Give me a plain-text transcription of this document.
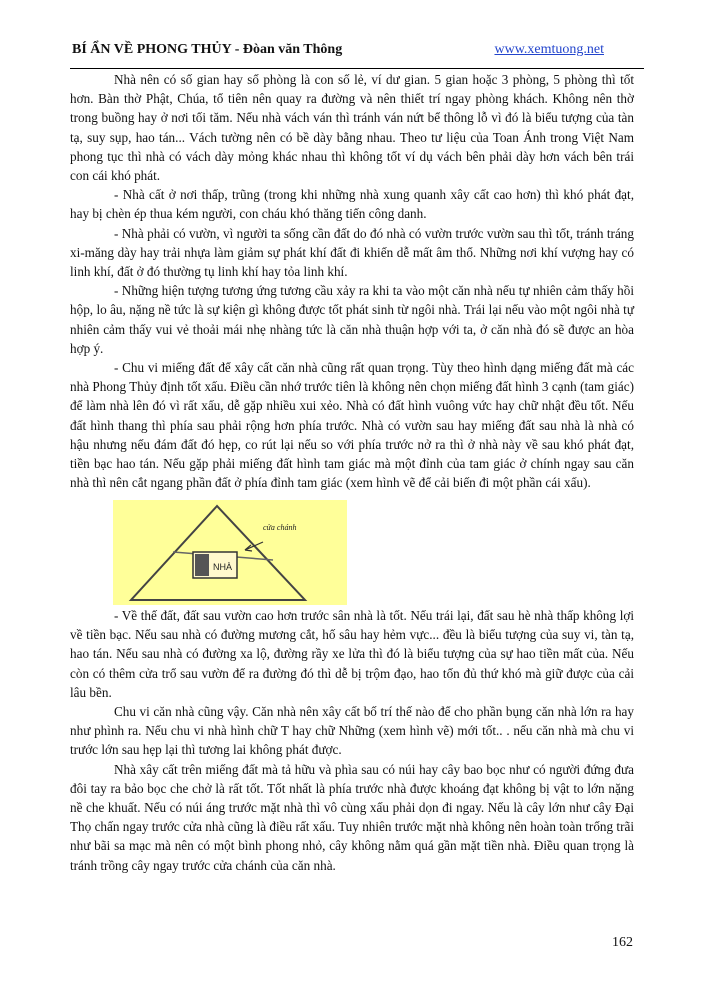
BÍ ẨN VỀ PHONG THỦY - Đòan văn Thông	www.xemtuong.net

Nhà nên có số gian hay số phòng là con số lẻ, ví dư gian. 5 gian hoặc 3 phòng, 5 phòng thì tốt hơn. Bàn thờ Phật, Chúa, tổ tiên nên quay ra đường và nên thiết trí ngay phòng khách. Không nên thờ trong buồng hay ở nơi tối tăm. Nếu nhà vách ván thì tránh ván nứt bể thông lỗ vì đó là biểu tượng của tàn tạ, suy sụp, hao tán... Vách tường nên có bề dày bằng nhau. Theo tư liệu của Toan Ánh trong Việt Nam phong tục thì nhà có vách dày mỏng khác nhau thì không tốt ví dụ vách bên phải dày hơn vách bên trái con cái khó phát.

- Nhà cất ở nơi thấp, trũng (trong khi những nhà xung quanh xây cất cao hơn) thì khó phát đạt, hay bị chèn ép thua kém người, con cháu khó thăng tiến công danh.

- Nhà phải có vườn, vì người ta sống cần đất do đó nhà có vườn trước vườn sau thì tốt, tránh tráng xi-măng dày hay trải nhựa làm giảm sự phát khí đất đi khiến dễ mất âm thổ. Những nơi khí vượng hay có linh khí, đất ở đó thường tụ linh khí hay tỏa linh khí.

- Những hiện tượng tương ứng tương cầu xảy ra khi ta vào một căn nhà nếu tự nhiên cảm thấy hồi hộp, lo âu, nặng nề tức là sự kiện gì không được tốt phát sinh từ ngôi nhà. Trái lại nếu vào một ngôi nhà tự nhiên cảm thấy vui vẻ thoải mái nhẹ nhàng tức là căn nhà thuận hợp với ta, ở căn nhà đó sẽ được an hòa hợp ý.

- Chu vi miếng đất để xây cất căn nhà cũng rất quan trọng. Tùy theo hình dạng miếng đất mà các nhà Phong Thủy định tốt xấu. Điều cần nhớ trước tiên là không nên chọn miếng đất hình 3 cạnh (tam giác) để làm nhà lên đó vì rất xấu, dễ gặp nhiều xui xẻo. Nhà có đất hình vuông vức hay chữ nhật đều tốt. Nếu đất hình thang thì phía sau phải rộng hơn phía trước. Nhà có vườn sau hay miếng đất sau nhà là nhà có hậu nhưng nếu đám đất đó hẹp, co rút lại nếu so với phía trước nở ra thì ở nhà này về sau khó phát đạt, tiền bạc hao tán. Nếu gặp phải miếng đất hình tam giác mà một đỉnh của tam giác ở chính ngay sau căn nhà thì nên cắt ngang phần đất ở phía đỉnh tam giác (xem hình vẽ để cải biến đi một phần cái xấu).

NHÀ
cửa chánh

- Về thế đất, đất sau vườn cao hơn trước sân nhà là tốt. Nếu trái lại, đất sau hè nhà thấp không lợi về tiền bạc. Nếu sau nhà có đường mương cắt, hố sâu hay hẻm vực... đều là biểu tượng của suy vi, tàn tạ, hao tán. Nếu sau nhà có đường xa lộ, đường rầy xe lửa thì đó là biểu tượng của sự hao tiền mất của. Nếu còn có thêm cửa trổ sau vườn để ra đường đó thì dễ bị trộm đạo, hao tốn đủ thứ khó mà giữ được của cải lâu bền.

Chu vi căn nhà cũng vậy. Căn nhà nên xây cất bố trí thế nào để cho phần bụng căn nhà lớn ra hay như phình ra. Nếu chu vi nhà hình chữ T hay chữ Những (xem hình vẽ) mới tốt.. . nếu căn nhà mà chu vi trước lớn sau hẹp lại thì tương lai không phát được.

Nhà xây cất trên miếng đất mà tả hữu và phìa sau có núi hay cây bao bọc như có người đứng đưa đôi tay ra bảo bọc che chở là rất tốt. Tốt nhất là phía trước nhà được khoáng đạt không bị vật to lớn nặng nề che khuất. Nếu có núi áng trước mặt nhà thì vô cùng xấu phải dọn đi ngay. Nếu là cây lớn như cây Đại Thọ chấn ngay trước cửa nhà cũng là điều rất xấu. Tuy nhiên trước mặt nhà không nên hoàn toàn trống trãi như bãi sa mạc mà nên có một bình phong nhỏ, cây không nằm quá gần mặt tiền nhà. Điều quan trọng là tránh trồng cây ngay trước cửa chánh của căn nhà.

162
